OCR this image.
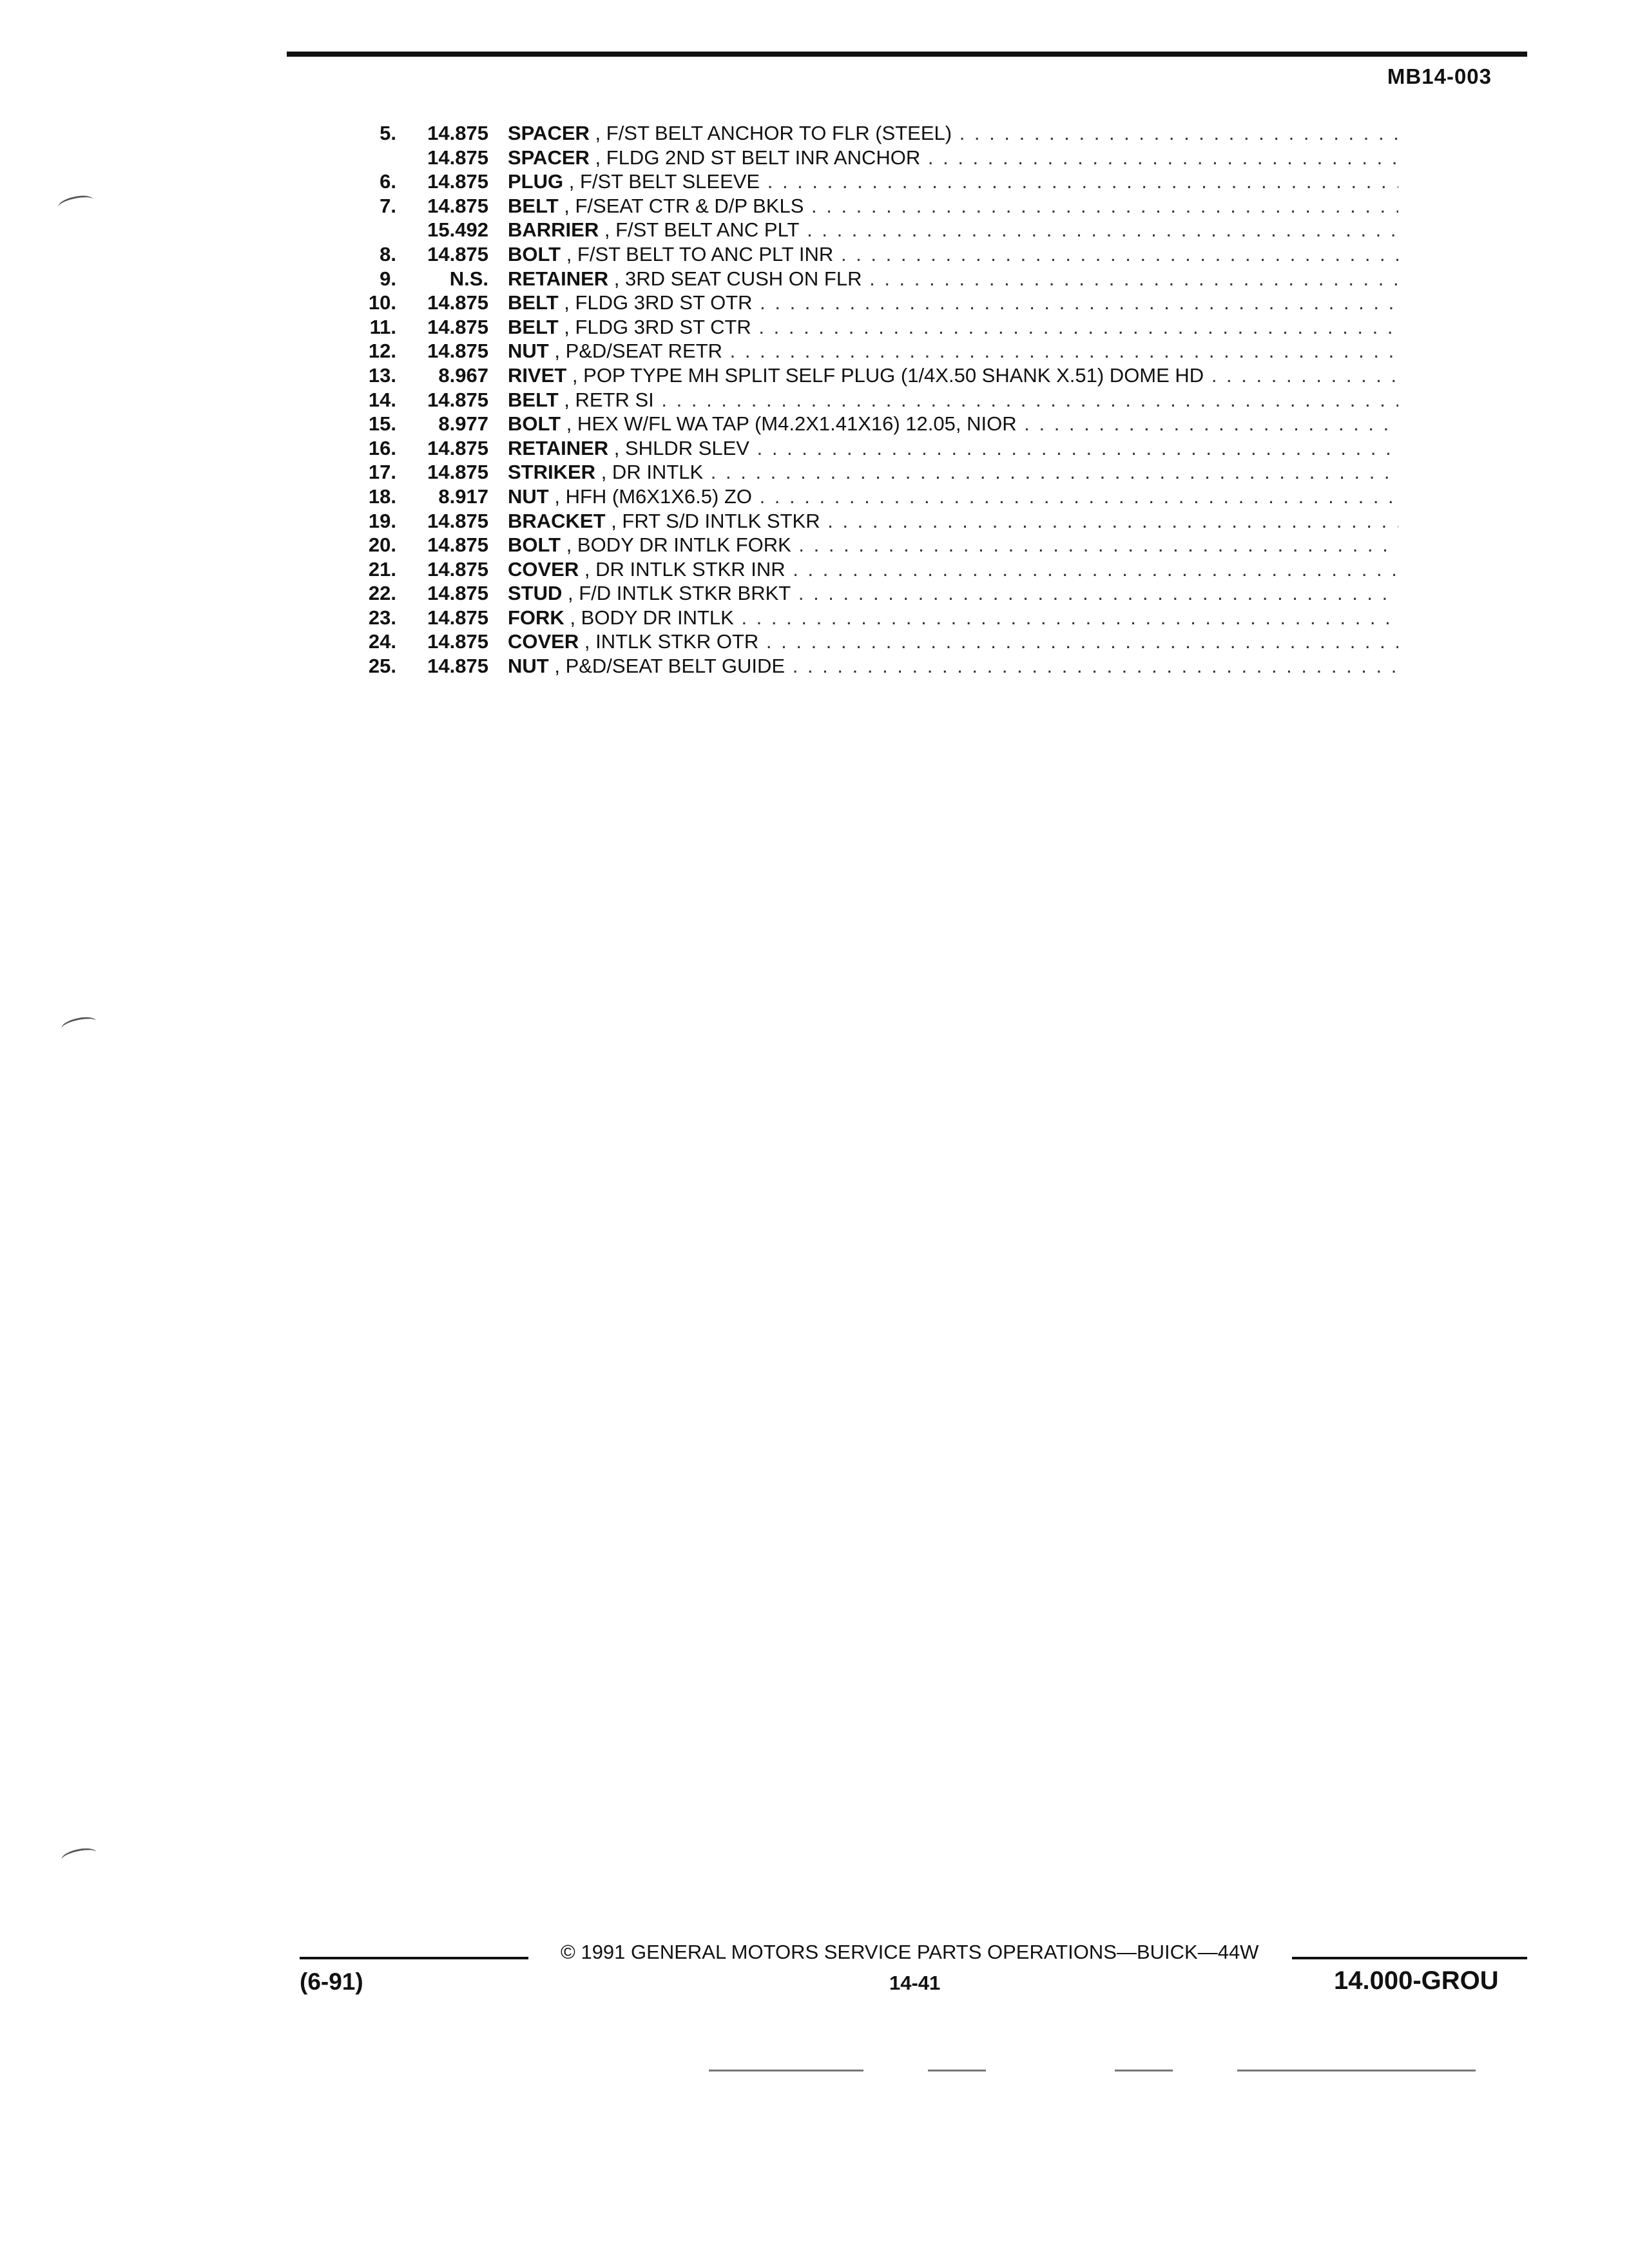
MB14-003
5.	14.875 SPACER , F/ST BELT ANCHOR TO FLR (STEEL) . . .
14.875 SPACER , FLDG 2ND ST BELT INR ANCHOR . . .
6.	14.875 PLUG , F/ST BELT SLEEVE . . .
7.	14.875 BELT , F/SEAT CTR & D/P BKLS . . .
15.492 BARRIER , F/ST BELT ANC PLT . . .
8.	14.875 BOLT , F/ST BELT TO ANC PLT INR . . .
9.	N.S. RETAINER , 3RD SEAT CUSH ON FLR . . .
10.	14.875 BELT , FLDG 3RD ST OTR . . .
11.	14.875 BELT , FLDG 3RD ST CTR . . .
12.	14.875 NUT , P&D/SEAT RETR . . .
13.	8.967 RIVET , POP TYPE MH SPLIT SELF PLUG (1/4X.50 SHANK X.51) DOME HD . . .
14.	14.875 BELT , RETR SI . . .
15.	8.977 BOLT , HEX W/FL WA TAP (M4.2X1.41X16) 12.05, NIOR . . .
16.	14.875 RETAINER , SHLDR SLEV . . .
17.	14.875 STRIKER , DR INTLK . . .
18.	8.917 NUT , HFH (M6X1X6.5) ZO . . .
19.	14.875 BRACKET , FRT S/D INTLK STKR . . .
20.	14.875 BOLT , BODY DR INTLK FORK . . .
21.	14.875 COVER , DR INTLK STKR INR . . .
22.	14.875 STUD , F/D INTLK STKR BRKT . . .
23.	14.875 FORK , BODY DR INTLK . . .
24.	14.875 COVER , INTLK STKR OTR . . .
25.	14.875 NUT , P&D/SEAT BELT GUIDE . . .
© 1991 GENERAL MOTORS SERVICE PARTS OPERATIONS—BUICK—44W
(6-91)	14-41	14.000-GROU
